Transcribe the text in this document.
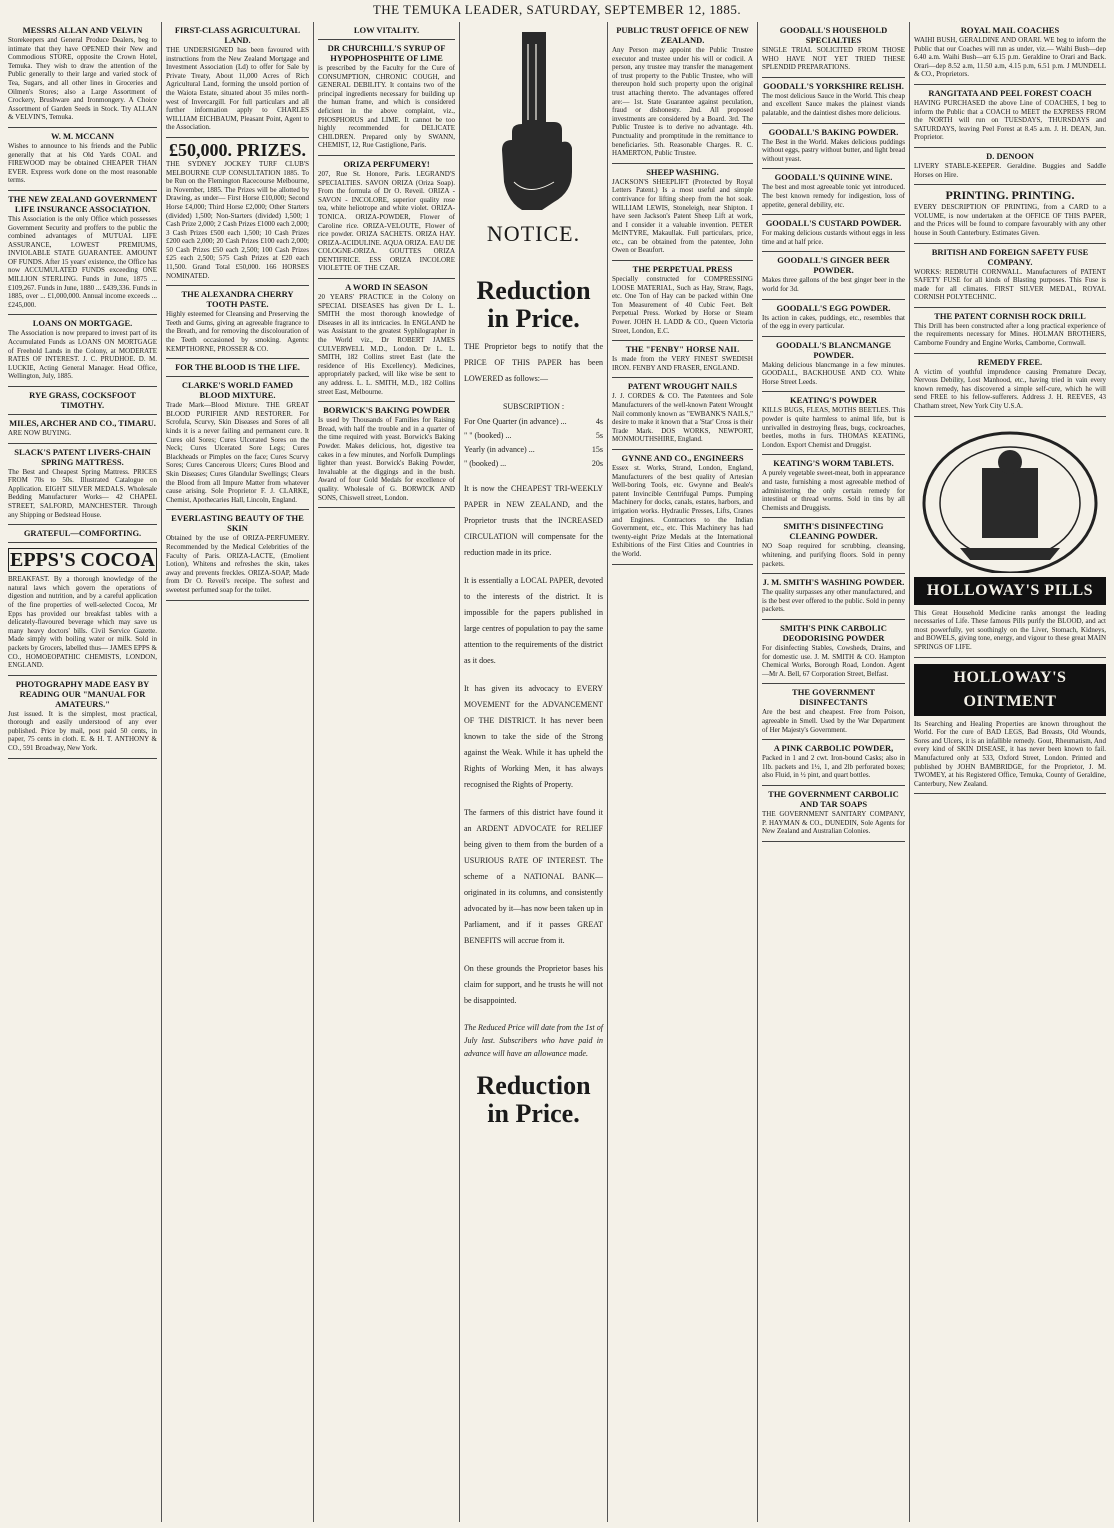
THE TEMUKA LEADER, SATURDAY, SEPTEMBER 12, 1885.
MESSRS ALLAN AND VELVIN

Storekeepers and General Produce Dealers, beg to intimate that they have OPENED their New and Commodious STORE, opposite the Crown Hotel, Temuka. They wish to draw the attention of the Public generally to their large and varied stock of Tea, Sugars, and all other lines in Groceries and Oilmen's Stores; also a Large Assortment of Crockery, Brushware and Ironmongery. A Choice Assortment of Garden Seeds in Stock. Try ALLAN & VELVIN'S, Temuka.

W. M. MCCANN

Wishes to announce to his friends and the Public generally that at his Old Yards COAL and FIREWOOD may be obtained CHEAPER THAN EVER. Express work done on the most reasonable terms.

THE NEW ZEALAND GOVERNMENT LIFE INSURANCE ASSOCIATION.

This Association is the only Office which possesses Government Security and proffers to the public the combined advantages of MUTUAL LIFE ASSURANCE, LOWEST PREMIUMS, INVIOLABLE STATE GUARANTEE. AMOUNT OF FUNDS. After 15 years' existence, the Office has now ACCUMULATED FUNDS exceeding ONE MILLION STERLING. Funds in June, 1875 ... £109,267. Funds in June, 1880 ... £439,336. Funds in 1885, over ... £1,000,000. Annual income exceeds ... £245,000.

LOANS ON MORTGAGE.

The Association is now prepared to invest part of its Accumulated Funds as LOANS ON MORTGAGE of Freehold Lands in the Colony, at MODERATE RATES OF INTEREST. J. C. PRUDHOE. D. M. LUCKIE, Acting General Manager. Head Office, Wellington, July, 1885.

RYE GRASS, COCKSFOOT TIMOTHY.
MILES, ARCHER AND CO., TIMARU.

ARE NOW BUYING.

SLACK'S PATENT LIVERS-CHAIN SPRING MATTRESS.

The Best and Cheapest Spring Mattress. PRICES FROM 70s to 50s. Illustrated Catalogue on Application. EIGHT SILVER MEDALS. Wholesale Bedding Manufacturer Works— 42 CHAPEL STREET, SALFORD, MANCHESTER. Through any Shipping or Bedstead House.

GRATEFUL—COMFORTING.
EPPS'S COCOA

BREAKFAST. By a thorough knowledge of the natural laws which govern the operations of digestion and nutrition, and by a careful application of the fine properties of well-selected Cocoa, Mr Epps has provided our breakfast tables with a delicately-flavoured beverage which may save us many heavy doctors' bills. Civil Service Gazette. Made simply with boiling water or milk. Sold in packets by Grocers, labelled thus— JAMES EPPS & CO., HOMOEOPATHIC CHEMISTS, LONDON, ENGLAND.

PHOTOGRAPHY MADE EASY BY READING OUR "MANUAL FOR AMATEURS."

Just issued. It is the simplest, most practical, thorough and easily understood of any ever published. Price by mail, post paid 50 cents, in paper, 75 cents in cloth. E. & H. T. ANTHONY & CO., 591 Broadway, New York.

FIRST-CLASS AGRICULTURAL LAND.

THE UNDERSIGNED has been favoured with instructions from the New Zealand Mortgage and Investment Association (Ld) to offer for Sale by Private Treaty, About 11,000 Acres of Rich Agricultural Land, forming the unsold portion of the Waiota Estate, situated about 35 miles north-west of Invercargill. For full particulars and all further information apply to CHARLES WILLIAM EICHBAUM, Pleasant Point, Agent to the Association.

£50,000. PRIZES.

THE SYDNEY JOCKEY TURF CLUB'S MELBOURNE CUP CONSULTATION 1885. To be Run on the Flemington Racecourse Melbourne, in November, 1885. The Prizes will be allotted by Drawing, as under— First Horse £10,000; Second Horse £4,000; Third Horse £2,000; Other Starters (divided) 1,500; Non-Starters (divided) 1,500; 1 Cash Prize 2,000; 2 Cash Prizes £1000 each 2,000; 3 Cash Prizes £500 each 1,500; 10 Cash Prizes £200 each 2,000; 20 Cash Prizes £100 each 2,000; 50 Cash Prizes £50 each 2,500; 100 Cash Prizes £25 each 2,500; 575 Cash Prizes at £20 each 11,500. Grand Total £50,000. 166 HORSES NOMINATED.

THE ALEXANDRA CHERRY TOOTH PASTE.

Highly esteemed for Cleansing and Preserving the Teeth and Gums, giving an agreeable fragrance to the Breath, and for removing the discolouration of the Teeth occasioned by smoking. Agents: KEMPTHORNE, PROSSER & CO.

FOR THE BLOOD IS THE LIFE.
CLARKE'S WORLD FAMED BLOOD MIXTURE.

Trade Mark—Blood Mixture. THE GREAT BLOOD PURIFIER AND RESTORER. For Scrofula, Scurvy, Skin Diseases and Sores of all kinds it is a never failing and permanent cure. It Cures old Sores; Cures Ulcerated Sores on the Neck; Cures Ulcerated Sore Legs; Cures Blackheads or Pimples on the face; Cures Scurvy Sores; Cures Cancerous Ulcers; Cures Blood and Skin Diseases; Cures Glandular Swellings; Clears the Blood from all Impure Matter from whatever cause arising. Sole Proprietor F. J. CLARKE, Chemist, Apothecaries Hall, Lincoln, England.

EVERLASTING BEAUTY OF THE SKIN

Obtained by the use of ORIZA-PERFUMERY. Recommended by the Medical Celebrities of the Faculty of Paris. ORIZA-LACTE, (Emolient Lotion), Whitens and refreshes the skin, takes away and prevents freckles. ORIZA-SOAP, Made from Dr O. Reveil's receipe. The softest and sweetest perfumed soap for the toilet.

LOW VITALITY.
DR CHURCHILL'S SYRUP OF HYPOPHOSPHITE OF LIME

is prescribed by the Faculty for the Cure of CONSUMPTION, CHRONIC COUGH, and GENERAL DEBILITY. It contains two of the principal ingredients necessary for building up the human frame, and which is considered deficient in the above complaint, viz., PHOSPHORUS and LIME. It cannot be too highly recommended for DELICATE CHILDREN. Prepared only by SWANN, CHEMIST, 12, Rue Castiglione, Paris.

ORIZA PERFUMERY!

207, Rue St. Honore, Paris. LEGRAND'S SPECIALTIES. SAVON ORIZA (Oriza Soap). From the formula of Dr O. Reveil. ORIZA - SAVON - INCOLORE, superior quality rose tea, white heliotrope and white violet. ORIZA-TONICA. ORIZA-POWDER, Flower of Caroline rice. ORIZA-VELOUTE, Flower of rice powder. ORIZA SACHETS. ORIZA HAY. ORIZA-ACIDULINE. AQUA ORIZA. EAU DE COLOGNE-ORIZA. GOUTTES ORIZA DENTIFRICE. ESS ORIZA INCOLORE VIOLETTE OF THE CZAR.

A WORD IN SEASON

20 YEARS' PRACTICE in the Colony on SPECIAL DISEASES has given Dr L. L. SMITH the most thorough knowledge of Diseases in all its intricacies. In ENGLAND he was Assistant to the greatest Syphilographer in the World viz., Dr ROBERT JAMES CULVERWELL M.D., London. Dr L. L. SMITH, 182 Collins street East (late the residence of His Excellency). Medicines, appropriately packed, will like wise be sent to any address. L. L. SMITH, M.D., 182 Collins street East, Melbourne.

BORWICK'S BAKING POWDER

Is used by Thousands of Families for Raising Bread, with half the trouble and in a quarter of the time required with yeast. Borwick's Baking Powder. Makes delicious, hot, digestive tea cakes in a few minutes, and Norfolk Dumplings lighter than yeast. Borwick's Baking Powder, Invaluable at the diggings and in the bush. Award of four Gold Medals for excellence of quality. Wholesale of G. BORWICK AND SONS, Chiswell street, London.

NOTICE.
Reduction in Price.

THE Proprietor begs to notify that the PRICE OF THIS PAPER has been LOWERED as follows:—

SUBSCRIPTION :
For One Quarter (in advance) ...	4s
" " (booked) ...	5s
Yearly (in advance) ...	15s
" (booked) ...	20s

It is now the CHEAPEST TRI-WEEKLY PAPER in NEW ZEALAND, and the Proprietor trusts that the INCREASED CIRCULATION will compensate for the reduction made in its price.

It is essentially a LOCAL PAPER, devoted to the interests of the district. It is impossible for the papers published in large centres of population to pay the same attention to the requirements of the district as it does.

It has given its advocacy to EVERY MOVEMENT for the ADVANCEMENT OF THE DISTRICT. It has never been known to take the side of the Strong against the Weak. While it has upheld the Rights of Working Men, it has always recognised the Rights of Property.

The farmers of this district have found it an ARDENT ADVOCATE for RELIEF being given to them from the burden of a USURIOUS RATE OF INTEREST. The scheme of a NATIONAL BANK—originated in its columns, and consistently advocated by it—has now been taken up in Parliament, and if it passes GREAT BENEFITS will accrue from it.

On these grounds the Proprietor bases his claim for support, and he trusts he will not be disappointed.

The Reduced Price will date from the 1st of July last. Subscribers who have paid in advance will have an allowance made.

Reduction in Price.
PUBLIC TRUST OFFICE OF NEW ZEALAND.

Any Person may appoint the Public Trustee executor and trustee under his will or codicil. A person, any trustee may transfer the management of trust property to the Public Trustee, who will thereupon hold such property upon the original trust attaching thereto. The advantages offered are:— 1st. State Guarantee against peculation, fraud or dishonesty. 2nd. All proposed investments are considered by a Board. 3rd. The Public Trustee is to derive no advantage. 4th. Punctuality and promptitude in the remittance to beneficiaries. 5th. Reasonable Charges. R. C. HAMERTON, Public Trustee.

SHEEP WASHING.

JACKSON'S SHEEPLIFT (Protected by Royal Letters Patent.) Is a most useful and simple contrivance for lifting sheep from the hot soak. WILLIAM LEWIS, Stoneleigh, near Shipton. I have seen Jackson's Patent Sheep Lift at work, and I consider it a valuable invention. PETER McINTYRE, Makaullak. Full particulars, price, etc., can be obtained from the patentee, John Owen or Beaufort.

THE PERPETUAL PRESS

Specially constructed for COMPRESSING LOOSE MATERIAL, Such as Hay, Straw, Rags, etc. One Ton of Hay can be packed within One Ton Measurement of 40 Cubic Feet. Belt Perpetual Press. Worked by Horse or Steam Power. JOHN H. LADD & CO., Queen Victoria Street, London, E.C.

THE "FENBY" HORSE NAIL

Is made from the VERY FINEST SWEDISH IRON. FENBY AND FRASER, ENGLAND.

PATENT WROUGHT NAILS

J. J. CORDES & CO. The Patentees and Sole Manufacturers of the well-known Patent Wrought Nail commonly known as "EWBANK'S NAILS," desire to make it known that a 'Star' Cross is their Trade Mark. DOS WORKS, NEWPORT, MONMOUTHSHIRE, England.

GYNNE AND CO., ENGINEERS

Essex st. Works, Strand, London, England, Manufacturers of the best quality of Artesian Well-boring Tools, etc. Gwynne and Beale's patent Invincible Centrifugal Pumps. Pumping Machinery for docks, canals, estates, harbors, and irrigation works. Hydraulic Presses, Lifts, Cranes and Engines. Contractors to the Indian Government, etc., etc. This Machinery has had twenty-eight Prize Medals at the International Exhibitions of the First Cities and Countries in the World.

GOODALL'S HOUSEHOLD SPECIALTIES

SINGLE TRIAL SOLICITED FROM THOSE WHO HAVE NOT YET TRIED THESE SPLENDID PREPARATIONS.

GOODALL'S YORKSHIRE RELISH.

The most delicious Sauce in the World. This cheap and excellent Sauce makes the plainest viands palatable, and the daintiest dishes more delicious.

GOODALL'S BAKING POWDER.

The Best in the World. Makes delicious puddings without eggs, pastry without butter, and light bread without yeast.

GOODALL'S QUININE WINE.

The best and most agreeable tonic yet introduced. The best known remedy for indigestion, loss of appetite, general debility, etc.

GOODALL'S CUSTARD POWDER.

For making delicious custards without eggs in less time and at half price.

GOODALL'S GINGER BEER POWDER.

Makes three gallons of the best ginger beer in the world for 3d.

GOODALL'S EGG POWDER.

Its action in cakes, puddings, etc., resembles that of the egg in every particular.

GOODALL'S BLANCMANGE POWDER.

Making delicious blancmange in a few minutes. GOODALL, BACKHOUSE AND CO. White Horse Street Leeds.

KEATING'S POWDER

KILLS BUGS, FLEAS, MOTHS BEETLES. This powder is quite harmless to animal life, but is unrivalled in destroying fleas, bugs, cockroaches, beetles, moths in furs. THOMAS KEATING, London. Export Chemist and Druggist.

KEATING'S WORM TABLETS.

A purely vegetable sweet-meat, both in appearance and taste, furnishing a most agreeable method of administering the only certain remedy for intestinal or thread worms. Sold in tins by all Chemists and Druggists.

SMITH'S DISINFECTING CLEANING POWDER.

NO Soap required for scrubbing, cleansing, whitening, and purifying floors. Sold in penny packets.

J. M. SMITH'S WASHING POWDER.

The quality surpasses any other manufactured, and is the best ever offered to the public. Sold in penny packets.

SMITH'S PINK CARBOLIC DEODORISING POWDER

For disinfecting Stables, Cowsheds, Drains, and for domestic use. J. M. SMITH & CO. Hampton Chemical Works, Borough Road, London. Agent—Mr A. Bell, 67 Corporation Street, Belfast.

THE GOVERNMENT DISINFECTANTS

Are the best and cheapest. Free from Poison, agreeable in Smell. Used by the War Department of Her Majesty's Government.

A PINK CARBOLIC POWDER,

Packed in 1 and 2 cwt. Iron-bound Casks; also in 1lb. packets and 1½, 1, and 2lb perforated boxes; also Fluid, in ½ pint, and quart bottles.

THE GOVERNMENT CARBOLIC AND TAR SOAPS

THE GOVERNMENT SANITARY COMPANY, P. HAYMAN & CO., DUNEDIN, Sole Agents for New Zealand and Australian Colonies.

ROYAL MAIL COACHES

WAIHI BUSH, GERALDINE AND ORARI. WE beg to inform the Public that our Coaches will run as under, viz.— Waihi Bush—dep 6.40 a.m. Waihi Bush—arr 6.15 p.m. Geraldine to Orari and Back. Orari—dep 8.52 a.m, 11.50 a.m, 4.15 p.m, 6.51 p.m. J MUNDELL & CO., Proprietors.

RANGITATA AND PEEL FOREST COACH

HAVING PURCHASED the above Line of COACHES, I beg to inform the Public that a COACH to MEET the EXPRESS FROM the NORTH will run on TUESDAYS, THURSDAYS and SATURDAYS, leaving Peel Forest at 8.45 a.m. J. H. DEAN, Jun. Proprietor.

D. DENOON

LIVERY STABLE-KEEPER. Geraldine. Buggies and Saddle Horses on Hire.

PRINTING. PRINTING.

EVERY DESCRIPTION OF PRINTING, from a CARD to a VOLUME, is now undertaken at the OFFICE OF THIS PAPER, and the Prices will be found to compare favourably with any other house in South Canterbury. Estimates Given.

BRITISH AND FOREIGN SAFETY FUSE COMPANY.

WORKS: REDRUTH CORNWALL. Manufacturers of PATENT SAFETY FUSE for all kinds of Blasting purposes. This Fuse is made for all climates. FIRST SILVER MEDAL, ROYAL CORNISH POLYTECHNIC.

THE PATENT CORNISH ROCK DRILL

This Drill has been constructed after a long practical experience of the requirements necessary for Mines. HOLMAN BROTHERS, Camborne Foundry and Engine Works, Camborne, Cornwall.

REMEDY FREE.

A victim of youthful imprudence causing Premature Decay, Nervous Debility, Lost Manhood, etc., having tried in vain every known remedy, has discovered a simple self-cure, which he will send FREE to his fellow-sufferers. Address J. H. REEVES, 43 Chatham street, New York City U.S.A.

HOLLOWAY'S PILLS

This Great Household Medicine ranks amongst the leading necessaries of Life. These famous Pills purify the BLOOD, and act most powerfully, yet soothingly on the Liver, Stomach, Kidneys, and BOWELS, giving tone, energy, and vigour to these great MAIN SPRINGS OF LIFE.

HOLLOWAY'S OINTMENT

Its Searching and Healing Properties are known throughout the World. For the cure of BAD LEGS, Bad Breasts, Old Wounds, Sores and Ulcers, it is an infallible remedy. Gout, Rheumatism, And every kind of SKIN DISEASE, it has never been known to fail. Manufactured only at 533, Oxford Street, London. Printed and published by JOHN BAMBRIDGE, for the Proprietor, J. M. TWOMEY, at his Registered Office, Temuka, County of Geraldine, Canterbury, New Zealand.
